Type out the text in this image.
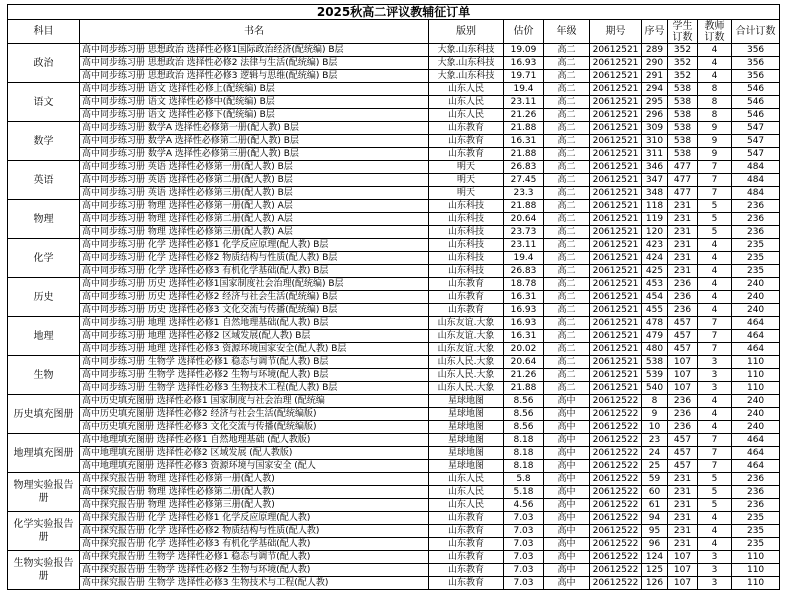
2025秋高二评议教辅征订单									
科目	书名	版别	估价	年级	期号	序号	学生订数	教师订数	合计订数
政治	高中同步练习册 思想政治 选择性必修1国际政治经济(配统编) B层	大象.山东科技	19.09	高二	20612521	289	352	4	356
	高中同步练习册 思想政治 选择性必修2 法律与生活(配统编) B层	大象.山东科技	16.93	高二	20612521	290	352	4	356
	高中同步练习册 思想政治 选择性必修3 逻辑与思维(配统编) B层	大象.山东科技	19.71	高二	20612521	291	352	4	356
语文	高中同步练习册 语文 选择性必修上(配统编) B层	山东人民	19.4	高二	20612521	294	538	8	546
	高中同步练习册 语文 选择性必修中(配统编) B层	山东人民	23.11	高二	20612521	295	538	8	546
	高中同步练习册 语文 选择性必修下(配统编) B层	山东人民	21.26	高二	20612521	296	538	8	546
数学	高中同步练习册 数学A 选择性必修第一册(配人教) B层	山东教育	21.88	高二	20612521	309	538	9	547
	高中同步练习册 数学A 选择性必修第二册(配人教) B层	山东教育	16.31	高二	20612521	310	538	9	547
	高中同步练习册 数学A 选择性必修第三册(配人教) B层	山东教育	21.88	高二	20612521	311	538	9	547
英语	高中同步练习册 英语 选择性必修第一册(配人教) B层	明天	26.83	高二	20612521	346	477	7	484
	高中同步练习册 英语 选择性必修第二册(配人教) B层	明天	27.45	高二	20612521	347	477	7	484
	高中同步练习册 英语 选择性必修第三册(配人教) B层	明天	23.3	高二	20612521	348	477	7	484
物理	高中同步练习册 物理 选择性必修第一册(配人教) A层	山东科技	21.88	高二	20612521	118	231	5	236
	高中同步练习册 物理 选择性必修第二册(配人教) A层	山东科技	20.64	高二	20612521	119	231	5	236
	高中同步练习册 物理 选择性必修第三册(配人教) A层	山东科技	23.73	高二	20612521	120	231	5	236
化学	高中同步练习册 化学 选择性必修1 化学反应原理(配人教) B层	山东科技	23.11	高二	20612521	423	231	4	235
	高中同步练习册 化学 选择性必修2 物质结构与性质(配人教) B层	山东科技	19.4	高二	20612521	424	231	4	235
	高中同步练习册 化学 选择性必修3 有机化学基础(配人教) B层	山东科技	26.83	高二	20612521	425	231	4	235
历史	高中同步练习册 历史 选择性必修1国家制度社会治理(配统编) B层	山东教育	18.78	高二	20612521	453	236	4	240
	高中同步练习册 历史 选择性必修2 经济与社会生活(配统编) B层	山东教育	16.31	高二	20612521	454	236	4	240
	高中同步练习册 历史 选择性必修3 文化交流与传播(配统编) B层	山东教育	16.93	高二	20612521	455	236	4	240
地理	高中同步练习册 地理 选择性必修1 自然地理基础(配人教) B层	山东友谊.大象	16.93	高二	20612521	478	457	7	464
	高中同步练习册 地理 选择性必修2 区域发展(配人教) B层	山东友谊.大象	16.31	高二	20612521	479	457	7	464
	高中同步练习册 地理 选择性必修3 资源环境国家安全(配人教) B层	山东友谊.大象	20.02	高二	20612521	480	457	7	464
生物	高中同步练习册 生物学 选择性必修1 稳态与调节(配人教) B层	山东人民.大象	20.64	高二	20612521	538	107	3	110
	高中同步练习册 生物学 选择性必修2 生物与环境(配人教) B层	山东人民.大象	21.26	高二	20612521	539	107	3	110
	高中同步练习册 生物学 选择性必修3 生物技术工程(配人教) B层	山东人民.大象	21.88	高二	20612521	540	107	3	110
历史填充图册	高中历史填充图册 选择性必修1 国家制度与社会治理 (配统编	星球地图	8.56	高中	20612522	8	236	4	240
	高中历史填充图册 选择性必修2 经济与社会生活(配统编版)	星球地图	8.56	高中	20612522	9	236	4	240
	高中历史填充图册 选择性必修3 文化交流与传播(配统编版)	星球地图	8.56	高中	20612522	10	236	4	240
地理填充图册	高中地理填充图册 选择性必修1 自然地理基础 (配人教版)	星球地图	8.18	高中	20612522	23	457	7	464
	高中地理填充图册 选择性必修2 区域发展 (配人教版)	星球地图	8.18	高中	20612522	24	457	7	464
	高中地理填充图册 选择性必修3 资源环境与国家安全 (配人	星球地图	8.18	高中	20612522	25	457	7	464
物理实验报告册	高中探究报告册 物理 选择性必修第一册(配人教)	山东人民	5.8	高中	20612522	59	231	5	236
	高中探究报告册 物理 选择性必修第二册(配人教)	山东人民	5.18	高中	20612522	60	231	5	236
	高中探究报告册 物理 选择性必修第三册(配人教)	山东人民	4.56	高中	20612522	61	231	5	236
化学实验报告册	高中探究报告册 化学 选择性必修1 化学反应原理(配人教)	山东教育	7.03	高中	20612522	94	231	4	235
	高中探究报告册 化学 选择性必修2 物质结构与性质(配人教)	山东教育	7.03	高中	20612522	95	231	4	235
	高中探究报告册 化学 选择性必修3 有机化学基础(配人教)	山东教育	7.03	高中	20612522	96	231	4	235
生物实验报告册	高中探究报告册 生物学 选择性必修1 稳态与调节(配人教)	山东教育	7.03	高中	20612522	124	107	3	110
	高中探究报告册 生物学 选择性必修2 生物与环境(配人教)	山东教育	7.03	高中	20612522	125	107	3	110
	高中探究报告册 生物学 选择性必修3 生物技术与工程(配人教)	山东教育	7.03	高中	20612522	126	107	3	110
